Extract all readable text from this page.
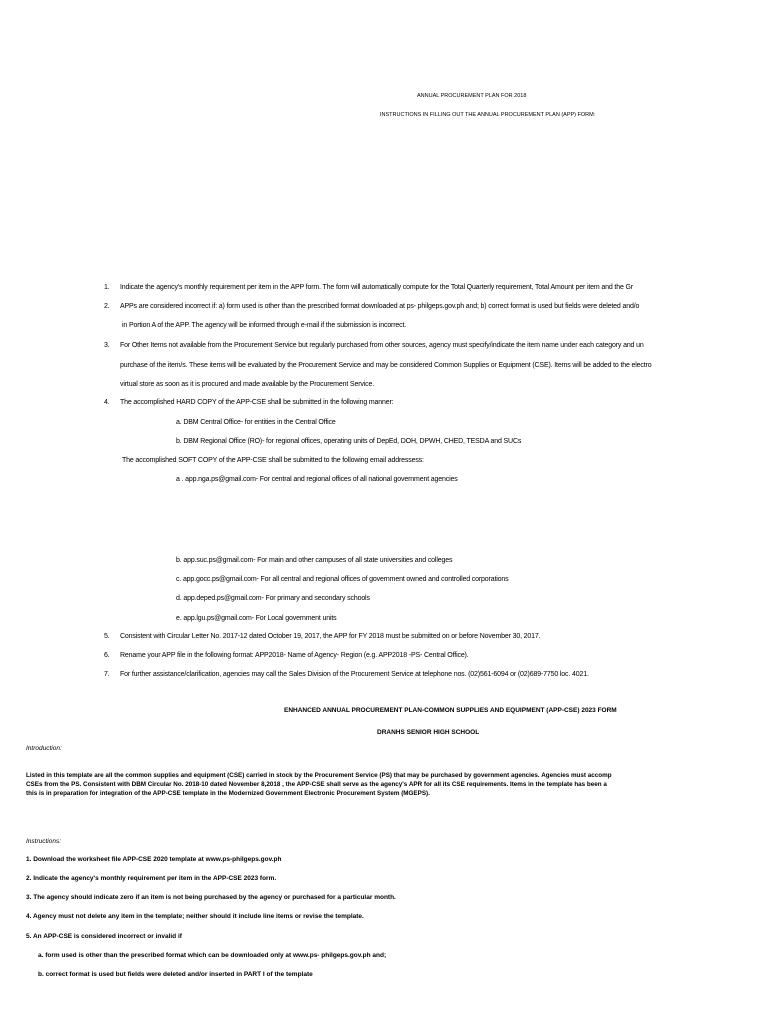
ANNUAL PROCUREMENT PLAN FOR 2018
INSTRUCTIONS IN FILLING OUT THE ANNUAL PROCUREMENT PLAN (APP) FORM:
1. Indicate the agency's monthly requirement per item in the APP form. The form will automatically compute for the Total Quarterly requirement, Total Amount per item and the Gr
2. APPs are considered incorrect if: a) form used is other than the prescribed format downloaded at ps- philgeps.gov.ph and; b) correct format is used but fields were deleted and/o
in Portion A of the APP. The agency will be informed through e-mail if the submission is incorrect.
3. For Other Items not available from the Procurement Service but regularly purchased from other sources, agency must specify/indicate the item name under each category and un
purchase of the item/s. These items will be evaluated by the Procurement Service and may be considered Common Supplies or Equipment (CSE). Items will be added to the electro
virtual store as soon as it is procured and made available by the Procurement Service.
4. The accomplished HARD COPY of the APP-CSE shall be submitted in the following manner:
a. DBM Central Office- for entities in the Central Office
b. DBM Regional Office (RO)- for regional offices, operating units of DepEd, DOH, DPWH, CHED, TESDA and SUCs
The accomplished SOFT COPY of the APP-CSE shall be submitted to the following email addressess:
a . app.nga.ps@gmail.com- For central and regional offices of all national government agencies
b. app.suc.ps@gmail.com- For main and other campuses of all state universities and colleges
c. app.gocc.ps@gmail.com- For all central and regional offices of government owned and controlled corporations
d. app.deped.ps@gmail.com- For primary and secondary schools
e. app.lgu.ps@gmail.com- For Local government units
5. Consistent with Circular Letter No. 2017-12 dated October 19, 2017, the APP for FY 2018 must be submitted on or before November 30, 2017.
6. Rename your APP file in the following format: APP2018- Name of Agency- Region (e.g. APP2018 -PS- Central Office).
7. For further assistance/clarification, agencies may call the Sales Division of the Procurement Service at telephone nos. (02)561-6094 or (02)689-7750 loc. 4021.
ENHANCED ANNUAL PROCUREMENT PLAN-COMMON SUPPLIES AND EQUIPMENT (APP-CSE) 2023 FORM
DRANHS SENIOR HIGH SCHOOL
Introduction:
Listed in this template are all the common supplies and equipment (CSE) carried in stock by the Procurement Service (PS) that may be purchased by government agencies. Agencies must accomp
CSEs from the PS. Consistent with DBM Circular No. 2018-10 dated November 8,2018 , the APP-CSE shall serve as the agency's APR for all its CSE requirements. Items in the template has been a
this is in preparation for integration of the APP-CSE template in the Modernized Government Electronic Procurement System (MGEPS).
Instructions:
1. Download the worksheet file APP-CSE 2020 template at www.ps-philgeps.gov.ph
2. Indicate the agency's monthly requirement per item in the APP-CSE 2023 form.
3. The agency should indicate zero if an item is not being purchased by the agency or purchased for a particular month.
4. Agency must not delete any item in the template; neither should it include line items or revise the template.
5. An APP-CSE is considered incorrect or invalid if
a. form used is other than the prescribed format which can be downloaded only at www.ps- philgeps.gov.ph and;
b. correct format is used but fields were deleted and/or inserted in PART I of the template
